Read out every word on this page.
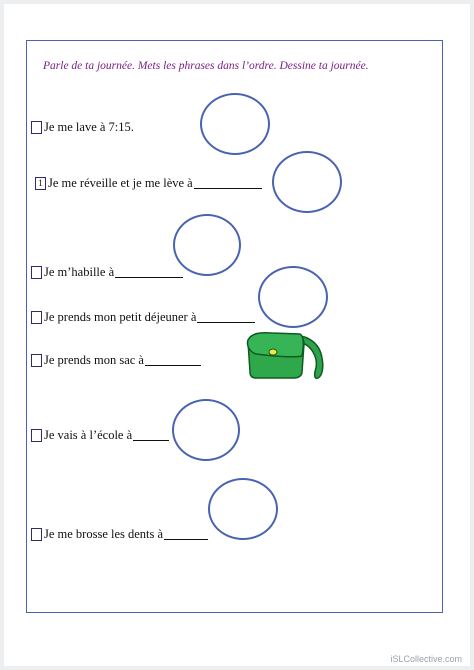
Parle de ta journée. Mets les phrases dans l’ordre. Dessine ta journée.
Je me lave à 7:15.
1 Je me réveille et je me lève à
Je m’habille à
Je prends mon petit déjeuner à
Je prends mon sac à
Je vais à l’école à
Je me brosse les dents à
iSLCollective.com
